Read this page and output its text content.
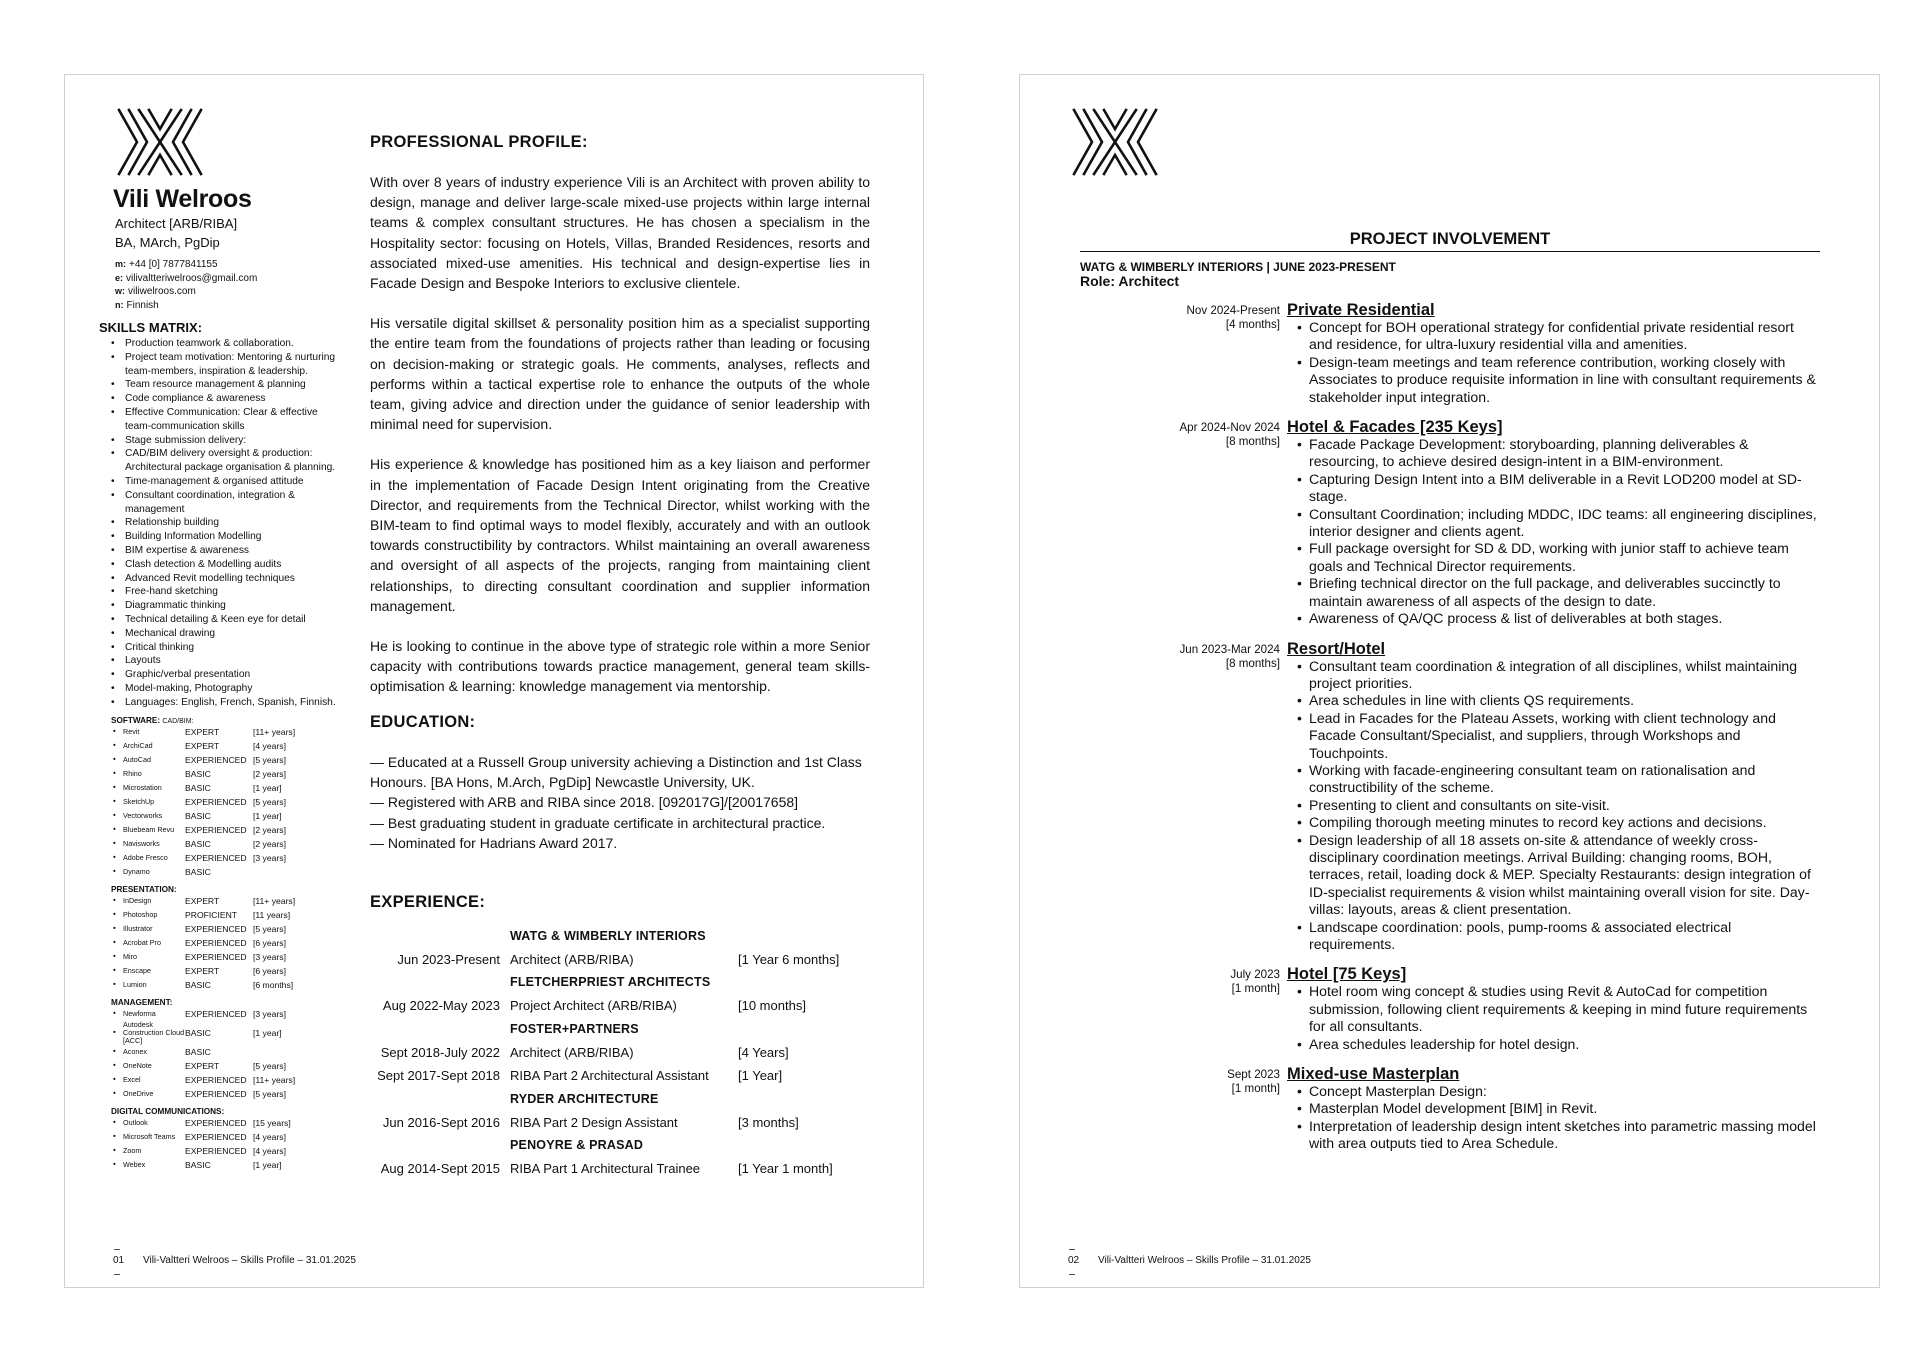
Vili Welroos
Architect [ARB/RIBA]
BA, MArch, PgDip
m: +44 [0] 7877841155
e: vilivaltteriwelroos@gmail.com
w: viliwelroos.com
n: Finnish
SKILLS MATRIX:
• Production teamwork & collaboration.
• Project team motivation: Mentoring & nurturing team-members, inspiration & leadership.
• Team resource management & planning
• Code compliance & awareness
• Effective Communication: Clear & effective team-communication skills
• Stage submission delivery:
• CAD/BIM delivery oversight & production: Architectural package organisation & planning.
• Time-management & organised attitude
• Consultant coordination, integration & management
• Relationship building
• Building Information Modelling
• BIM expertise & awareness
• Clash detection & Modelling audits
• Advanced Revit modelling techniques
• Free-hand sketching
• Diagrammatic thinking
• Technical detailing & Keen eye for detail
• Mechanical drawing
• Critical thinking
• Layouts
• Graphic/verbal presentation
• Model-making, Photography
• Languages: English, French, Spanish, Finnish.
SOFTWARE: CAD/BIM:
• Revit	EXPERT	[11+ years]
• ArchiCad	EXPERT	[4 years]
• AutoCad	EXPERIENCED	[5 years]
• Rhino	BASIC	[2 years]
• Microstation	BASIC	[1 year]
• SketchUp	EXPERIENCED	[5 years]
• Vectorworks	BASIC	[1 year]
• Bluebeam Revu	EXPERIENCED	[2 years]
• Navisworks	BASIC	[2 years]
• Adobe Fresco	EXPERIENCED	[3 years]
• Dynamo	BASIC	
PRESENTATION:
• InDesign	EXPERT	[11+ years]
• Photoshop	PROFICIENT	[11 years]
• Illustrator	EXPERIENCED	[5 years]
• Acrobat Pro	EXPERIENCED	[6 years]
• Miro	EXPERIENCED	[3 years]
• Enscape	EXPERT	[6 years]
• Lumion	BASIC	[6 months]
MANAGEMENT:
• Newforma	EXPERIENCED	[3 years]
• Autodesk Construction Cloud [ACC]	BASIC	[1 year]
• Aconex	BASIC	
• OneNote	EXPERT	[5 years]
• Excel	EXPERIENCED	[11+ years]
• OneDrive	EXPERIENCED	[5 years]
DIGITAL COMMUNICATIONS:
• Outlook	EXPERIENCED	[15 years]
• Microsoft Teams	EXPERIENCED	[4 years]
• Zoom	EXPERIENCED	[4 years]
• Webex	BASIC	[1 year]
PROFESSIONAL PROFILE:

With over 8 years of industry experience Vili is an Architect with proven ability to design, manage and deliver large-scale mixed-use projects within large internal teams & complex consultant structures. He has chosen a specialism in the Hospitality sector: focusing on Hotels, Villas, Branded Residences, resorts and associated mixed-use amenities. His technical and design-expertise lies in Facade Design and Bespoke Interiors to exclusive clientele.

His versatile digital skillset & personality position him as a specialist supporting the entire team from the foundations of projects rather than leading or focusing on decision-making or strategic goals. He comments, analyses, reflects and performs within a tactical expertise role to enhance the outputs of the whole team, giving advice and direction under the guidance of senior leadership with minimal need for supervision.

His experience & knowledge has positioned him as a key liaison and performer in the implementation of Facade Design Intent originating from the Creative Director, and requirements from the Technical Director, whilst working with the BIM-team to find optimal ways to model flexibly, accurately and with an outlook towards constructibility by contractors. Whilst maintaining an overall awareness and oversight of all aspects of the projects, ranging from maintaining client relationships, to directing consultant coordination and supplier information management.

He is looking to continue in the above type of strategic role within a more Senior capacity with contributions towards practice management, general team skills-optimisation & learning: knowledge management via mentorship.

EDUCATION:
— Educated at a Russell Group university achieving a Distinction and 1st Class Honours. [BA Hons, M.Arch, PgDip] Newcastle University, UK.
— Registered with ARB and RIBA since 2018. [092017G]/[20017658]
— Best graduating student in graduate certificate in architectural practice.
— Nominated for Hadrians Award 2017.
EXPERIENCE:
	WATG & WIMBERLY INTERIORS	
Jun 2023-Present	Architect (ARB/RIBA)	[1 Year 6 months]
	FLETCHERPRIEST ARCHITECTS	
Aug 2022-May 2023	Project Architect (ARB/RIBA)	[10 months]
	FOSTER+PARTNERS	
Sept 2018-July 2022	Architect (ARB/RIBA)	[4 Years]
Sept 2017-Sept 2018	RIBA Part 2 Architectural Assistant	[1 Year]
	RYDER ARCHITECTURE	
Jun 2016-Sept 2016	RIBA Part 2 Design Assistant	[3 months]
	PENOYRE & PRASAD	
Aug 2014-Sept 2015	RIBA Part 1 Architectural Trainee	[1 Year 1 month]
01 Vili-Valtteri Welroos – Skills Profile – 31.01.2025
PROJECT INVOLVEMENT
WATG & WIMBERLY INTERIORS | JUNE 2023-PRESENT
Role: Architect
Nov 2024-Present
[4 months]
Private Residential
• Concept for BOH operational strategy for confidential private residential resort and residence, for ultra-luxury residential villa and amenities.
• Design-team meetings and team reference contribution, working closely with Associates to produce requisite information in line with consultant requirements & stakeholder input integration.
Apr 2024-Nov 2024
[8 months]
Hotel & Facades [235 Keys]
• Facade Package Development: storyboarding, planning deliverables & resourcing, to achieve desired design-intent in a BIM-environment.
• Capturing Design Intent into a BIM deliverable in a Revit LOD200 model at SD-stage.
• Consultant Coordination; including MDDC, IDC teams: all engineering disciplines, interior designer and clients agent.
• Full package oversight for SD & DD, working with junior staff to achieve team goals and Technical Director requirements.
• Briefing technical director on the full package, and deliverables succinctly to maintain awareness of all aspects of the design to date.
• Awareness of QA/QC process & list of deliverables at both stages.
Jun 2023-Mar 2024
[8 months]
Resort/Hotel
• Consultant team coordination & integration of all disciplines, whilst maintaining project priorities.
• Area schedules in line with clients QS requirements.
• Lead in Facades for the Plateau Assets, working with client technology and Facade Consultant/Specialist, and suppliers, through Workshops and Touchpoints.
• Working with facade-engineering consultant team on rationalisation and constructibility of the scheme.
• Presenting to client and consultants on site-visit.
• Compiling thorough meeting minutes to record key actions and decisions.
• Design leadership of all 18 assets on-site & attendance of weekly cross-disciplinary coordination meetings. Arrival Building: changing rooms, BOH, terraces, retail, loading dock & MEP. Specialty Restaurants: design integration of ID-specialist requirements & vision whilst maintaining overall vision for site. Day-villas: layouts, areas & client presentation.
• Landscape coordination: pools, pump-rooms & associated electrical requirements.
July 2023
[1 month]
Hotel [75 Keys]
• Hotel room wing concept & studies using Revit & AutoCad for competition submission, following client requirements & keeping in mind future requirements for all consultants.
• Area schedules leadership for hotel design.
Sept 2023
[1 month]
Mixed-use Masterplan
• Concept Masterplan Design:
• Masterplan Model development [BIM] in Revit.
• Interpretation of leadership design intent sketches into parametric massing model with area outputs tied to Area Schedule.
02 Vili-Valtteri Welroos – Skills Profile – 31.01.2025
